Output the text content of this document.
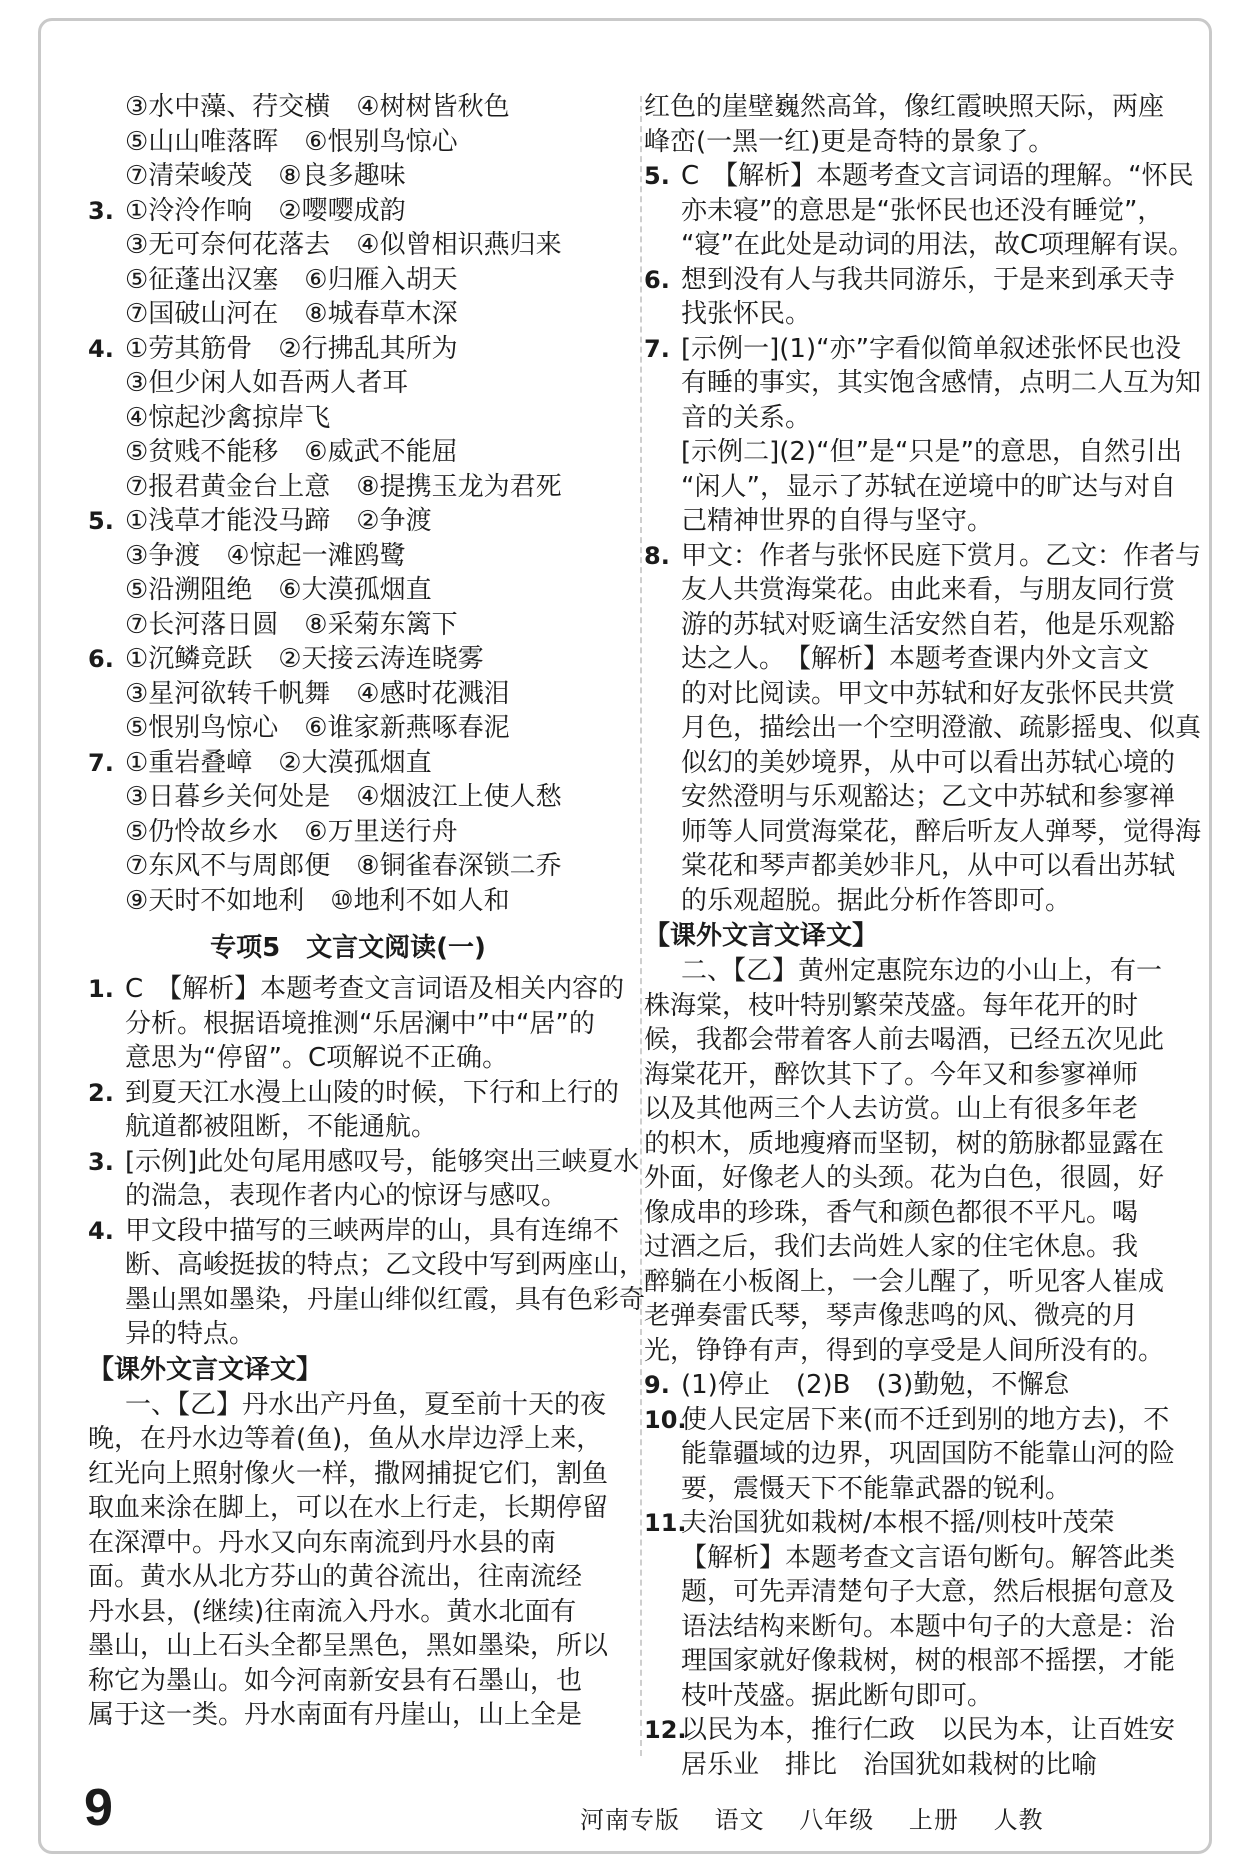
③水中藻、荇交横　④树树皆秋色
⑤山山唯落晖　⑥恨别鸟惊心
⑦清荣峻茂　⑧良多趣味
3. ①泠泠作响　②嘤嘤成韵
③无可奈何花落去　④似曾相识燕归来
⑤征蓬出汉塞　⑥归雁入胡天
⑦国破山河在　⑧城春草木深
4. ①劳其筋骨　②行拂乱其所为
③但少闲人如吾两人者耳
④惊起沙禽掠岸飞
⑤贫贱不能移　⑥威武不能屈
⑦报君黄金台上意　⑧提携玉龙为君死
5. ①浅草才能没马蹄　②争渡
③争渡　④惊起一滩鸥鹭
⑤沿溯阻绝　⑥大漠孤烟直
⑦长河落日圆　⑧采菊东篱下
6. ①沉鳞竞跃　②天接云涛连晓雾
③星河欲转千帆舞　④感时花溅泪
⑤恨别鸟惊心　⑥谁家新燕啄春泥
7. ①重岩叠嶂　②大漠孤烟直
③日暮乡关何处是　④烟波江上使人愁
⑤仍怜故乡水　⑥万里送行舟
⑦东风不与周郎便　⑧铜雀春深锁二乔
⑨天时不如地利　⑩地利不如人和
专项5　文言文阅读(一)
1. C　【解析】本题考查文言词语及相关内容的
分析。根据语境推测“乐居澜中”中“居”的
意思为“停留”。C项解说不正确。
2. 到夏天江水漫上山陵的时候，下行和上行的
航道都被阻断，不能通航。
3. [示例]此处句尾用感叹号，能够突出三峡夏水
的湍急，表现作者内心的惊讶与感叹。
4. 甲文段中描写的三峡两岸的山，具有连绵不
断、高峻挺拔的特点；乙文段中写到两座山，
墨山黑如墨染，丹崖山绯似红霞，具有色彩奇
异的特点。
【课外文言文译文】
一、【乙】丹水出产丹鱼，夏至前十天的夜
晚，在丹水边等着(鱼)，鱼从水岸边浮上来，
红光向上照射像火一样，撒网捕捉它们，割鱼
取血来涂在脚上，可以在水上行走，长期停留
在深潭中。丹水又向东南流到丹水县的南
面。黄水从北方芬山的黄谷流出，往南流经
丹水县，(继续)往南流入丹水。黄水北面有
墨山，山上石头全都呈黑色，黑如墨染，所以
称它为墨山。如今河南新安县有石墨山，也
属于这一类。丹水南面有丹崖山，山上全是
红色的崖壁巍然高耸，像红霞映照天际，两座
峰峦(一黑一红)更是奇特的景象了。
5. C　【解析】本题考查文言词语的理解。“怀民
亦未寝”的意思是“张怀民也还没有睡觉”，
“寝”在此处是动词的用法，故C项理解有误。
6. 想到没有人与我共同游乐，于是来到承天寺
找张怀民。
7. [示例一](1)“亦”字看似简单叙述张怀民也没
有睡的事实，其实饱含感情，点明二人互为知
音的关系。
[示例二](2)“但”是“只是”的意思，自然引出
“闲人”，显示了苏轼在逆境中的旷达与对自
己精神世界的自得与坚守。
8. 甲文：作者与张怀民庭下赏月。乙文：作者与
友人共赏海棠花。由此来看，与朋友同行赏
游的苏轼对贬谪生活安然自若，他是乐观豁
达之人。　【解析】本题考查课内外文言文
的对比阅读。甲文中苏轼和好友张怀民共赏
月色，描绘出一个空明澄澈、疏影摇曳、似真
似幻的美妙境界，从中可以看出苏轼心境的
安然澄明与乐观豁达；乙文中苏轼和参寥禅
师等人同赏海棠花，醉后听友人弹琴，觉得海
棠花和琴声都美妙非凡，从中可以看出苏轼
的乐观超脱。据此分析作答即可。
【课外文言文译文】
二、【乙】黄州定惠院东边的小山上，有一
株海棠，枝叶特别繁荣茂盛。每年花开的时
候，我都会带着客人前去喝酒，已经五次见此
海棠花开，醉饮其下了。今年又和参寥禅师
以及其他两三个人去访赏。山上有很多年老
的枳木，质地瘦瘠而坚韧，树的筋脉都显露在
外面，好像老人的头颈。花为白色，很圆，好
像成串的珍珠，香气和颜色都很不平凡。喝
过酒之后，我们去尚姓人家的住宅休息。我
醉躺在小板阁上，一会儿醒了，听见客人崔成
老弹奏雷氏琴，琴声像悲鸣的风、微亮的月
光，铮铮有声，得到的享受是人间所没有的。
9. (1)停止　(2)B　(3)勤勉，不懈怠
10.使人民定居下来(而不迁到别的地方去)，不
能靠疆域的边界，巩固国防不能靠山河的险
要，震慑天下不能靠武器的锐利。
11.夫治国犹如栽树/本根不摇/则枝叶茂荣
【解析】本题考查文言语句断句。解答此类
题，可先弄清楚句子大意，然后根据句意及
语法结构来断句。本题中句子的大意是：治
理国家就好像栽树，树的根部不摇摆，才能
枝叶茂盛。据此断句即可。
12.以民为本，推行仁政　以民为本，让百姓安
居乐业　排比　治国犹如栽树的比喻
9	河南专版 语文 八年级 上册 人教
